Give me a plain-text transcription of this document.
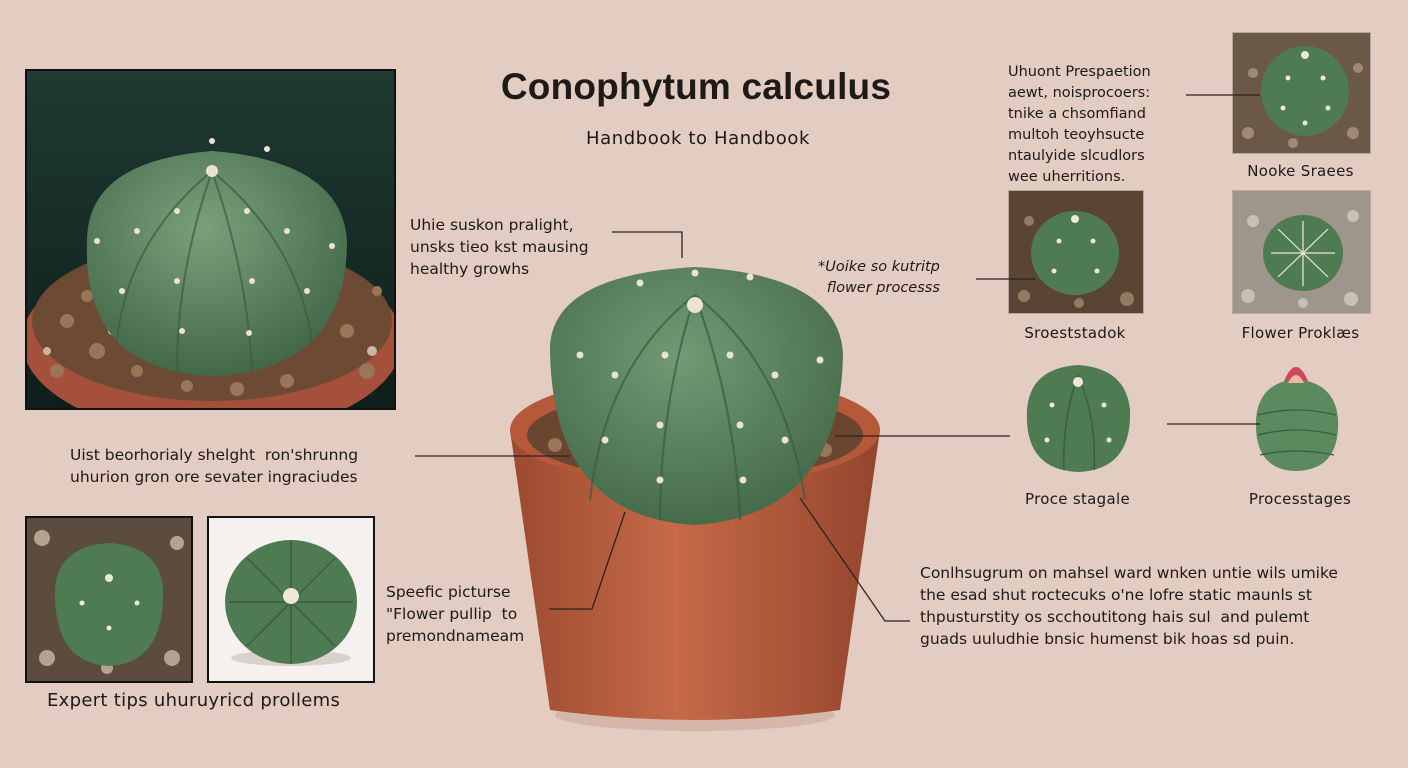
Conophytum calculus
Handbook to Handbook
Uhuont Prespaetion
aewt, noisprocoers:
tnike a chsomfiand
multoh teoyhsucte
ntaulyide slcudlors
wee uherritions.
Uhie suskon pralight,
unsks tieo kst mausing
healthy growhs	*Uoike so kutritp
flower processs
Uist beorhorialy shelght  ron'shrunng
uhurion gron ore sevater ingraciudes
Speefic picturse
"Flower pullip  to
premondnameam
Conlhsugrum on mahsel ward wnken untie wils umike
the esad shut roctecuks o'ne lofre static maunls st
thpusturstity os scchoutitong hais sul  and pulemt
guads uuludhie bnsic humenst bik hoas sd puin.
Nooke Sraees
Sroeststadok	Flower Proklæs
Proce stagale	Processtages
Expert tips uhuruyricd prollems
